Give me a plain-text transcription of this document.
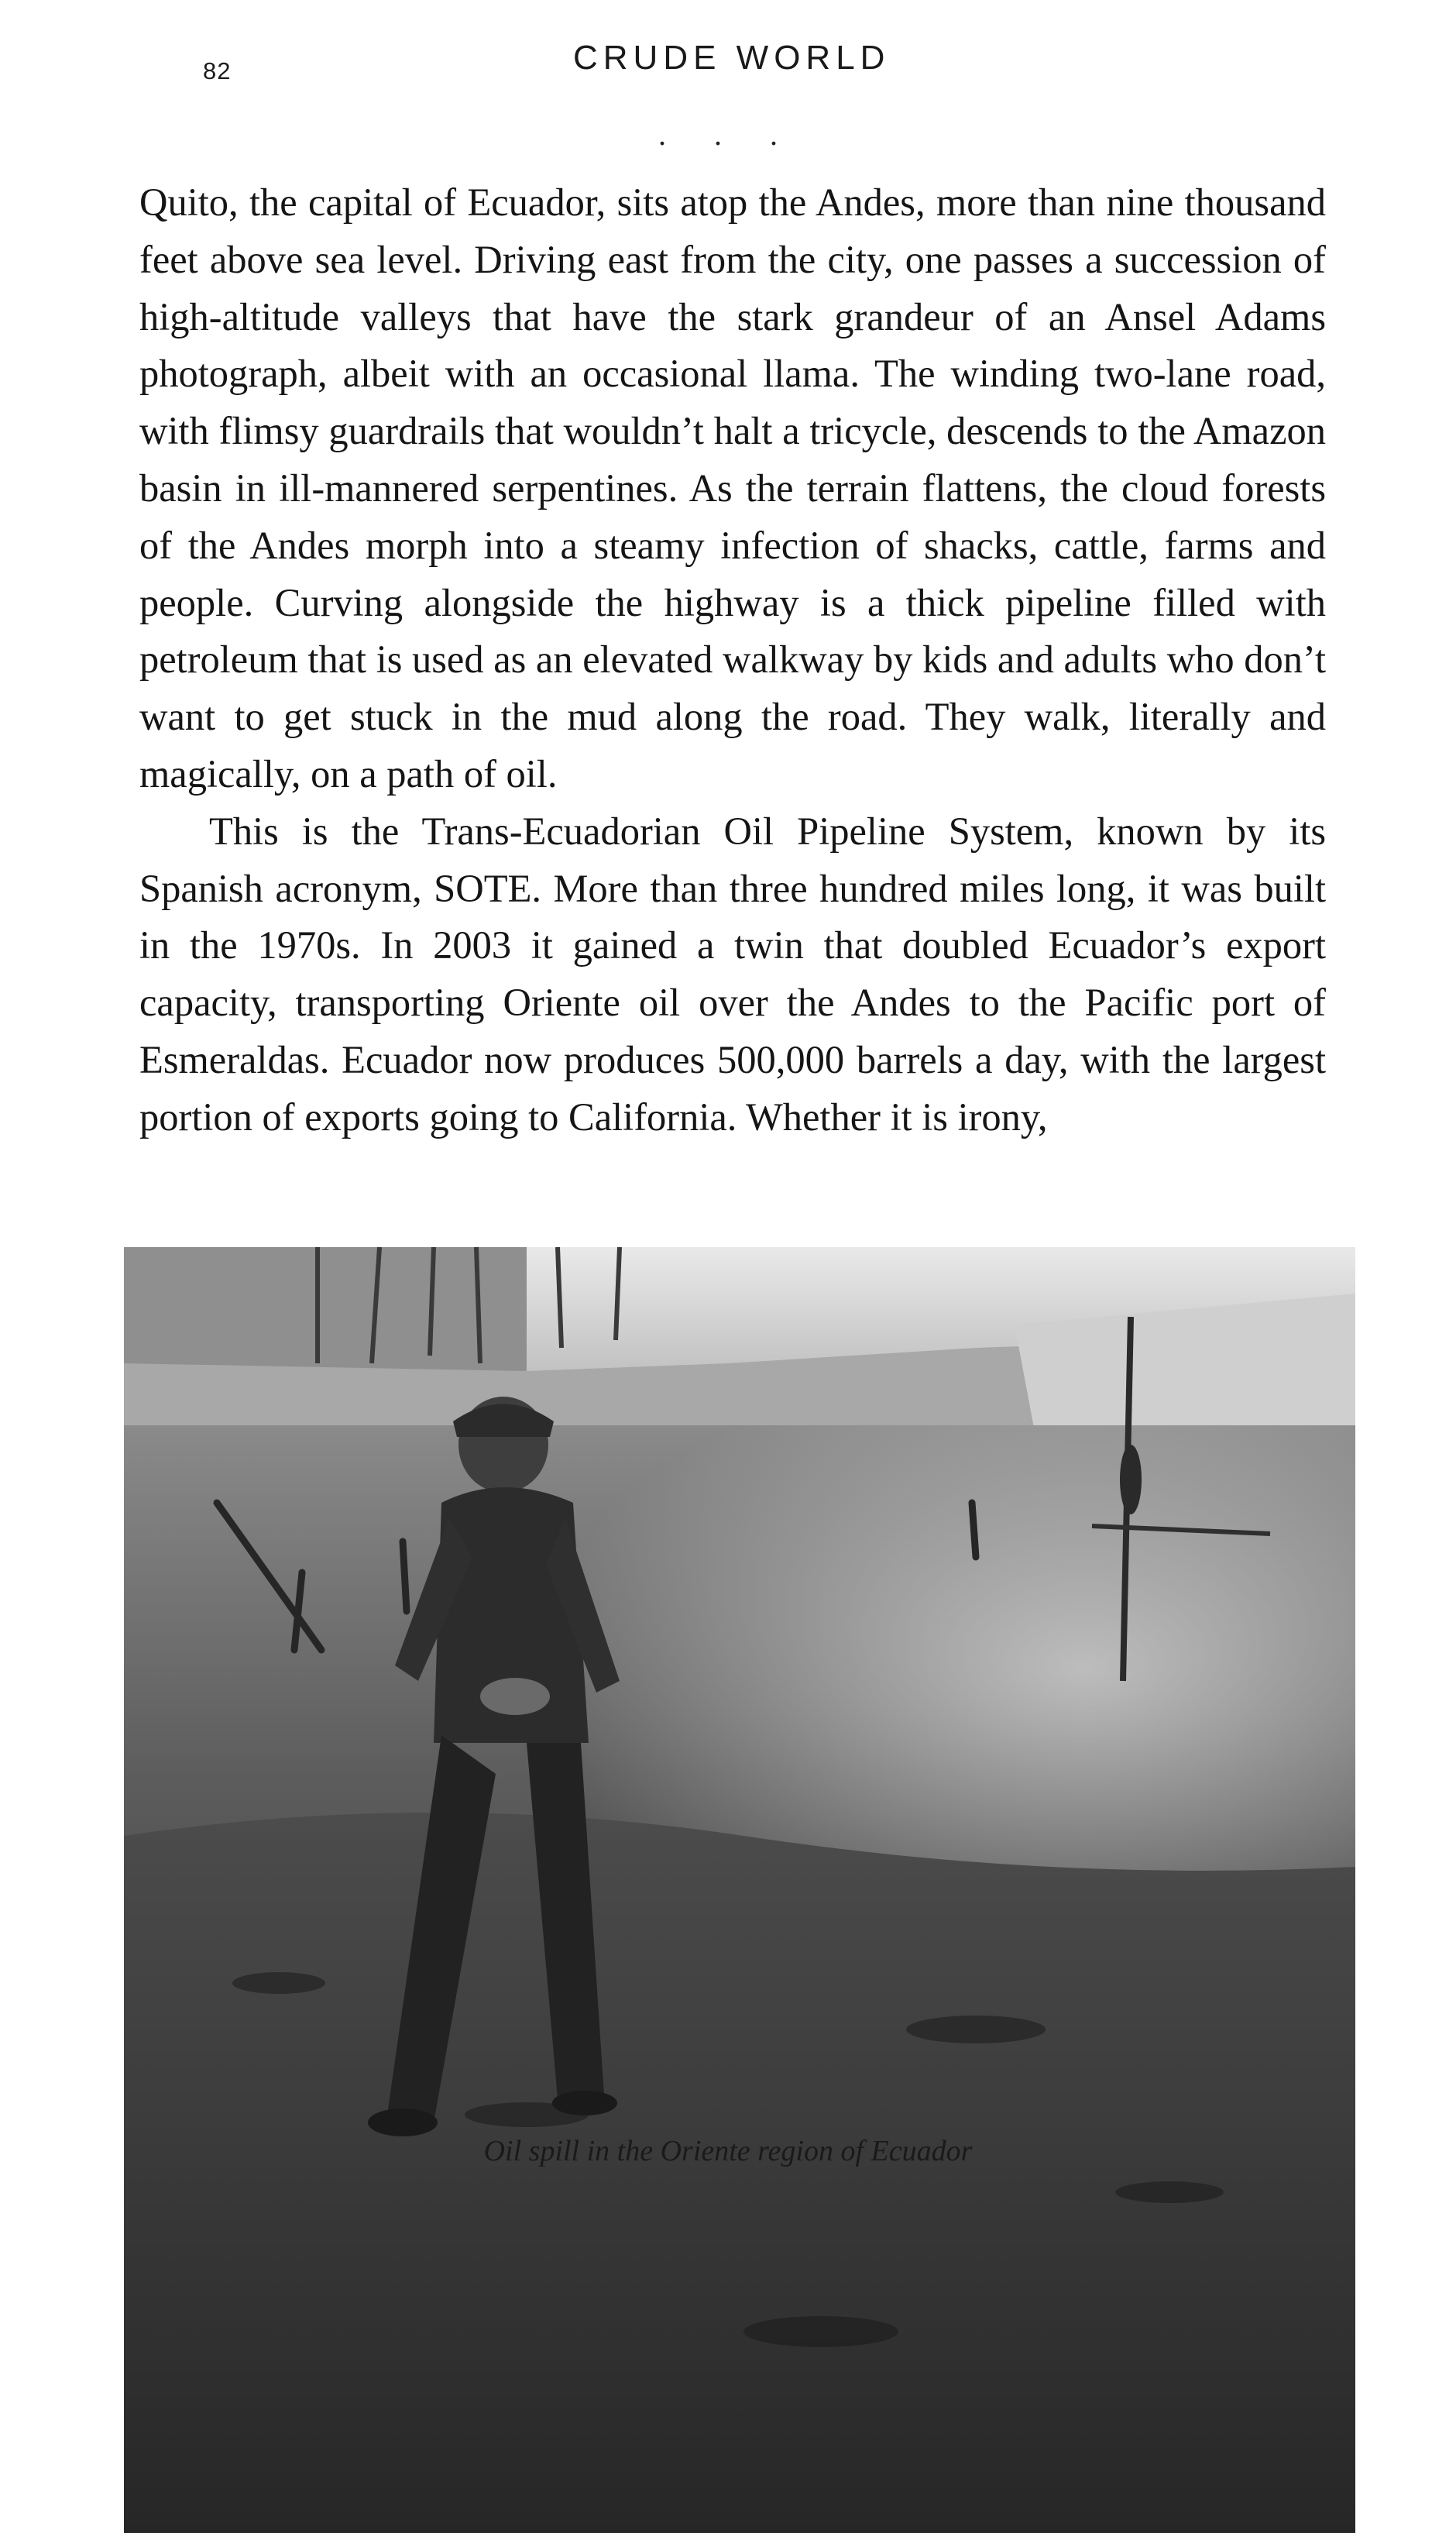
82	CRUDE WORLD
. . .

Quito, the capital of Ecuador, sits atop the Andes, more than nine thousand feet above sea level. Driving east from the city, one passes a succession of high-altitude valleys that have the stark grandeur of an Ansel Adams photograph, albeit with an occasional llama. The winding two-lane road, with flimsy guardrails that wouldn’t halt a tricycle, descends to the Amazon basin in ill-mannered serpentines. As the terrain flattens, the cloud forests of the Andes morph into a steamy infection of shacks, cattle, farms and people. Curving alongside the highway is a thick pipeline filled with petroleum that is used as an elevated walkway by kids and adults who don’t want to get stuck in the mud along the road. They walk, literally and magically, on a path of oil.

This is the Trans-Ecuadorian Oil Pipeline System, known by its Spanish acronym, SOTE. More than three hundred miles long, it was built in the 1970s. In 2003 it gained a twin that doubled Ecuador’s export capacity, transporting Oriente oil over the Andes to the Pacific port of Esmeraldas. Ecuador now produces 500,000 barrels a day, with the largest portion of exports going to California. Whether it is irony,

Oil spill in the Oriente region of Ecuador
